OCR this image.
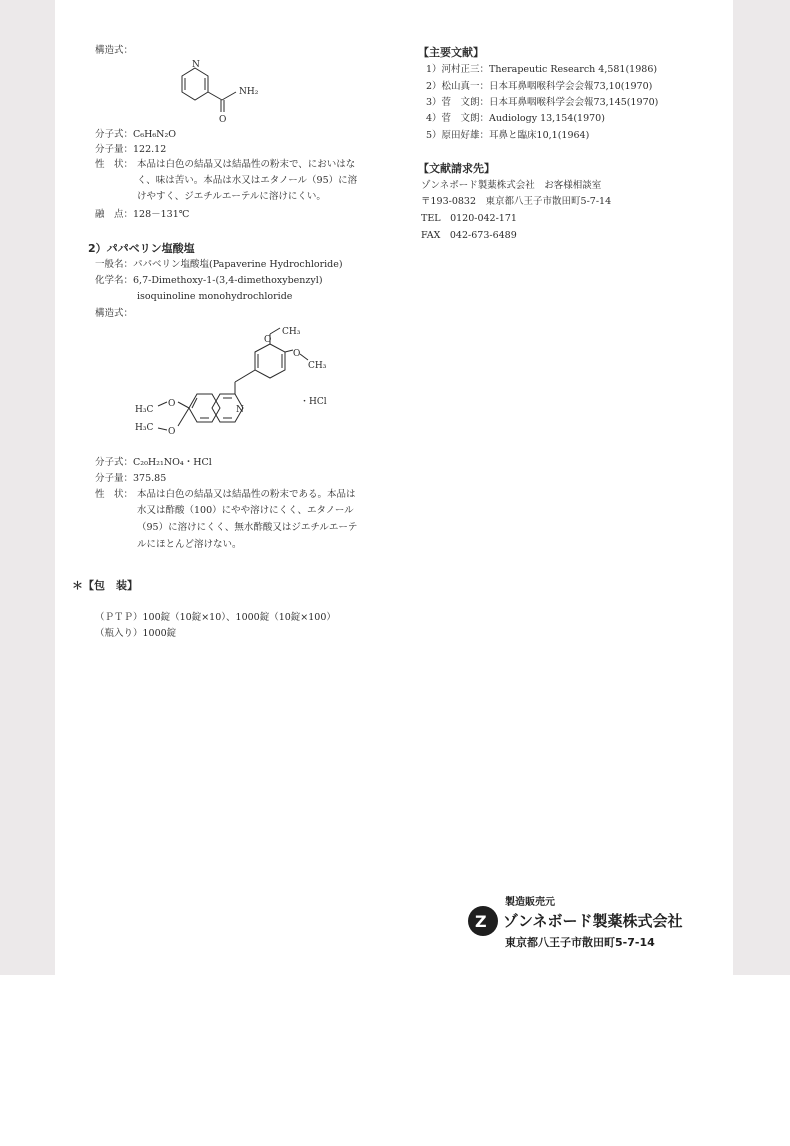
構造式：
N
NH₂
O
分子式：C₆H₆N₂O
分子量：122.12
性　状： 本品は白色の結晶又は結晶性の粉末で、においはな
く、味は苦い。本品は水又はエタノール（95）に溶
けやすく、ジエチルエーテルに溶けにくい。
融　点：128－131℃
2）パパベリン塩酸塩
一般名：パパベリン塩酸塩(Papaverine Hydrochloride)
化学名：6,7-Dimethoxy-1-(3,4-dimethoxybenzyl)
isoquinoline monohydrochloride
構造式：
O
CH₃
O
CH₃
N
O
O
H₃C
H₃C
・HCl
分子式：C₂₀H₂₁NO₄・HCl
分子量：375.85
性　状： 本品は白色の結晶又は結晶性の粉末である。本品は
水又は酢酸（100）にやや溶けにくく、エタノール
（95）に溶けにくく、無水酢酸又はジエチルエーテ
ルにほとんど溶けない。
＊【包　装】
（ＰＴＰ）100錠（10錠×10）、1000錠（10錠×100）
（瓶入り）1000錠
【主要文献】
1）河村正三：Therapeutic Research 4,581(1986)
2）松山真一：日本耳鼻咽喉科学会会報73,10(1970)
3）菅　文朗：日本耳鼻咽喉科学会会報73,145(1970)
4）菅　文朗：Audiology 13,154(1970)
5）原田好雄：耳鼻と臨床10,1(1964)
【文献請求先】
ゾンネボード製薬株式会社　お客様相談室
〒193-0832　東京都八王子市散田町5-7-14
TEL　0120-042-171
FAX　042-673-6489
製造販売元
Z ゾンネボード製薬株式会社
東京都八王子市散田町5-7-14
